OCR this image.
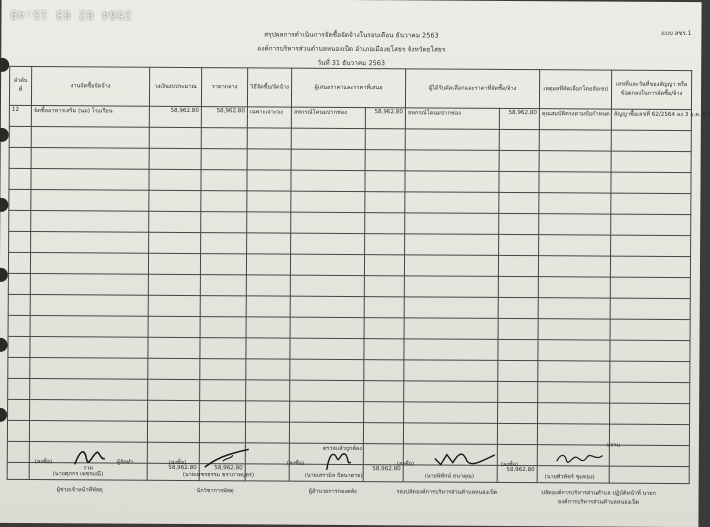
2564 02 03 15:49
แบบ สขร.1
สรุปผลการดำเนินการจัดซื้อจัดจ้างในรอบเดือน ธันวาคม 2563
องค์การบริหารส่วนตำบลหนองเป็ด อำเภอเมืองยโสธร จังหวัดยโสธร
วันที่ 31 ธันวาคม 2563
ลำดับที่	งานจัดซื้อจัดจ้าง	วงเงินงบประมาณ	ราคากลาง	วิธีจัดซื้อ/จัดจ้าง	ผู้เสนอราคาและราคาที่เสนอ		ผู้ได้รับคัดเลือกและราคาที่จัดซื้อ/จ้าง		เหตุผลที่คัดเลือกโดยสังเขป	เลขที่และวันที่ของสัญญา หรือข้อตกลงในการจัดซื้อ/จ้าง
12	จัดซื้ออาหารเสริม (นม) โรงเรียน	58,962.80	58,962.80	เฉพาะเจาะจง	สหกรณ์โคนมปากช่อง	58,962.80	สหกรณ์โคนมปากช่อง	58,962.80	คุณสมบัติตรงตามข้อกำหนด	สัญญาซื้อเลขที่ 62/2564 ลง 3 ธ.ค. 63

	รวม	58,962.80	58,962.80			58,962.80		58,962.80		
ตรวจแล้วถูกต้อง
ทราบ
(ลงชื่อ)	ผู้จัดทำ
(นายศุภกร เพชรมณี)
ผู้ช่วยเจ้าหน้าที่พัสดุ
(ลงชื่อ)
(นายเพชรธรรม ชราภาพบุตร)
นักวิชาการพัสดุ
(ลงชื่อ)
(นายเสรามิล ปัสนาดาย)
ผู้อำนวยการกองคลัง
(ลงชื่อ)	(ลงชื่อ)
(นายพิทักษ์ ธนาคุณ)
รองปลัดองค์การบริหารส่วนตำบลหนองเป็ด
(นายศิวพัชร์ ชุมทอง)
ปลัดองค์การบริหารส่วนตำบล ปฏิบัติหน้าที่ นายกองค์การบริหารส่วนตำบลหนองเป็ด
